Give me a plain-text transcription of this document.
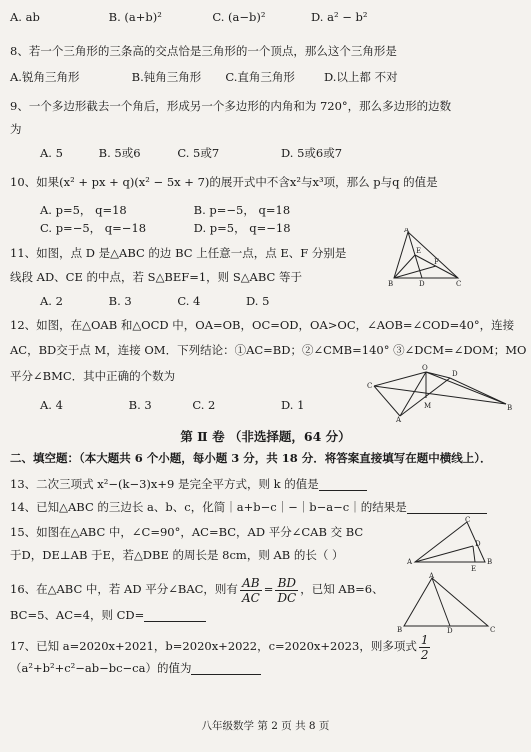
A. ab	B. (a+b)²	C. (a−b)²	D. a² − b²
8、若一个三角形的三条高的交点恰是三角形的一个顶点，那么这个三角形是
A.锐角三角形	B.钝角三角形 C.直角三角形	D.以上都 不对
9、一个多边形截去一个角后，形成另一个多边形的内角和为 720°，那么多边形的边数
为
A. 5	B. 5或6	C. 5或7	D. 5或6或7
10、如果(x² + px + q)(x² − 5x + 7)的展开式中不含x²与x³项，那么 p与q 的值是
A. p=5， q=18	B. p=−5， q=18
C. p=−5， q=−18	D. p=5， q=−18
11、如图，点 D 是△ABC 的边 BC 上任意一点，点 E、F 分别是
线段 AD、CE 的中点，若 S△BEF=1，则 S△ABC 等于
A. 2	B. 3	C. 4	D. 5
A
B	D	C
E
F
12、如图，在△OAB 和△OCD 中，OA=OB，OC=OD，OA>OC，∠AOB=∠COD=40°，连接
AC，BD交于点 M，连接 OM．下列结论：①AC=BD；②∠CMB=140° ③∠DCM=∠DOM；MO
平分∠BMC．其中正确的个数为
A. 4	B. 3	C. 2	D. 1
O
C
D
A
B
M
第 Ⅱ 卷 （非选择题，64 分）
二、填空题：（本大题共 6 个小题，每小题 3 分，共 18 分．将答案直接填写在题中横线上）．
13、二次三项式 x²−(k−3)x+9 是完全平方式，则 k 的值是
14、已知△ABC 的三边长 a、b、c，化简｜a+b−c｜−｜b−a−c｜的结果是
15、如图在△ABC 中，∠C=90°，AC=BC，AD 平分∠CAB 交 BC
于D，DE⊥AB 于E，若△DBE 的周长是 8cm，则 AB 的长（ ）
C
D
A
E
B
16、在△ABC 中，若 AD 平分∠BAC，则有 $\frac{AB}{AC} = \frac{BD}{DC}$ ，已知 AB=6、
BC=5、AC=4，则 CD=
A
B	D	C
17、已知 a=2020x+2021，b=2020x+2022，c=2020x+2023，则多项式 $\frac{1}{2}$
（a²+b²+c²−ab−bc−ca）的值为
八年级数学 第 2 页 共 8 页
